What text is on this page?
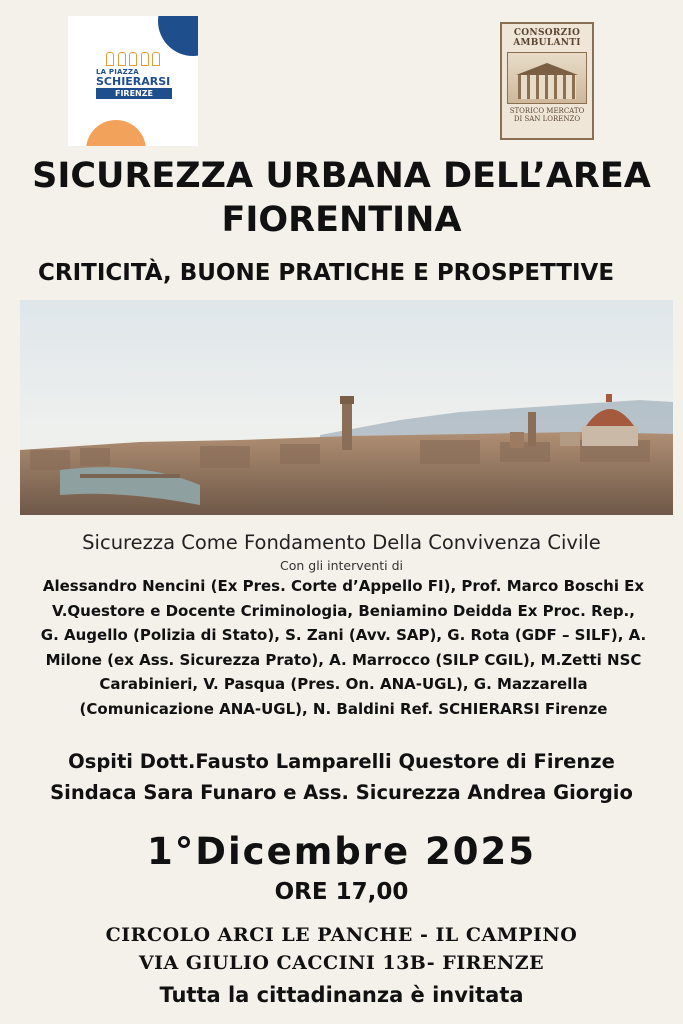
LA PIAZZA
SCHIERARSI
FIRENZE
CONSORZIO
AMBULANTI
STORICO MERCATO
DI SAN LORENZO
SICUREZZA URBANA DELL’AREA
FIORENTINA
CRITICITÀ, BUONE PRATICHE E PROSPETTIVE
Sicurezza Come Fondamento Della Convivenza Civile
Con gli interventi di
Alessandro Nencini (Ex Pres. Corte d’Appello FI), Prof. Marco Boschi Ex
V.Questore e Docente Criminologia, Beniamino Deidda Ex Proc. Rep.,
G. Augello (Polizia di Stato), S. Zani (Avv. SAP), G. Rota (GDF – SILF), A.
Milone (ex Ass. Sicurezza Prato), A. Marrocco (SILP CGIL), M.Zetti NSC
Carabinieri, V. Pasqua (Pres. On. ANA-UGL), G. Mazzarella
(Comunicazione ANA-UGL), N. Baldini Ref. SCHIERARSI Firenze
Ospiti Dott.Fausto Lamparelli Questore di Firenze
Sindaca Sara Funaro e Ass. Sicurezza Andrea Giorgio
1°Dicembre 2025
ORE 17,00
CIRCOLO ARCI LE PANCHE - IL CAMPINO
VIA GIULIO CACCINI 13B- FIRENZE
Tutta la cittadinanza è invitata
